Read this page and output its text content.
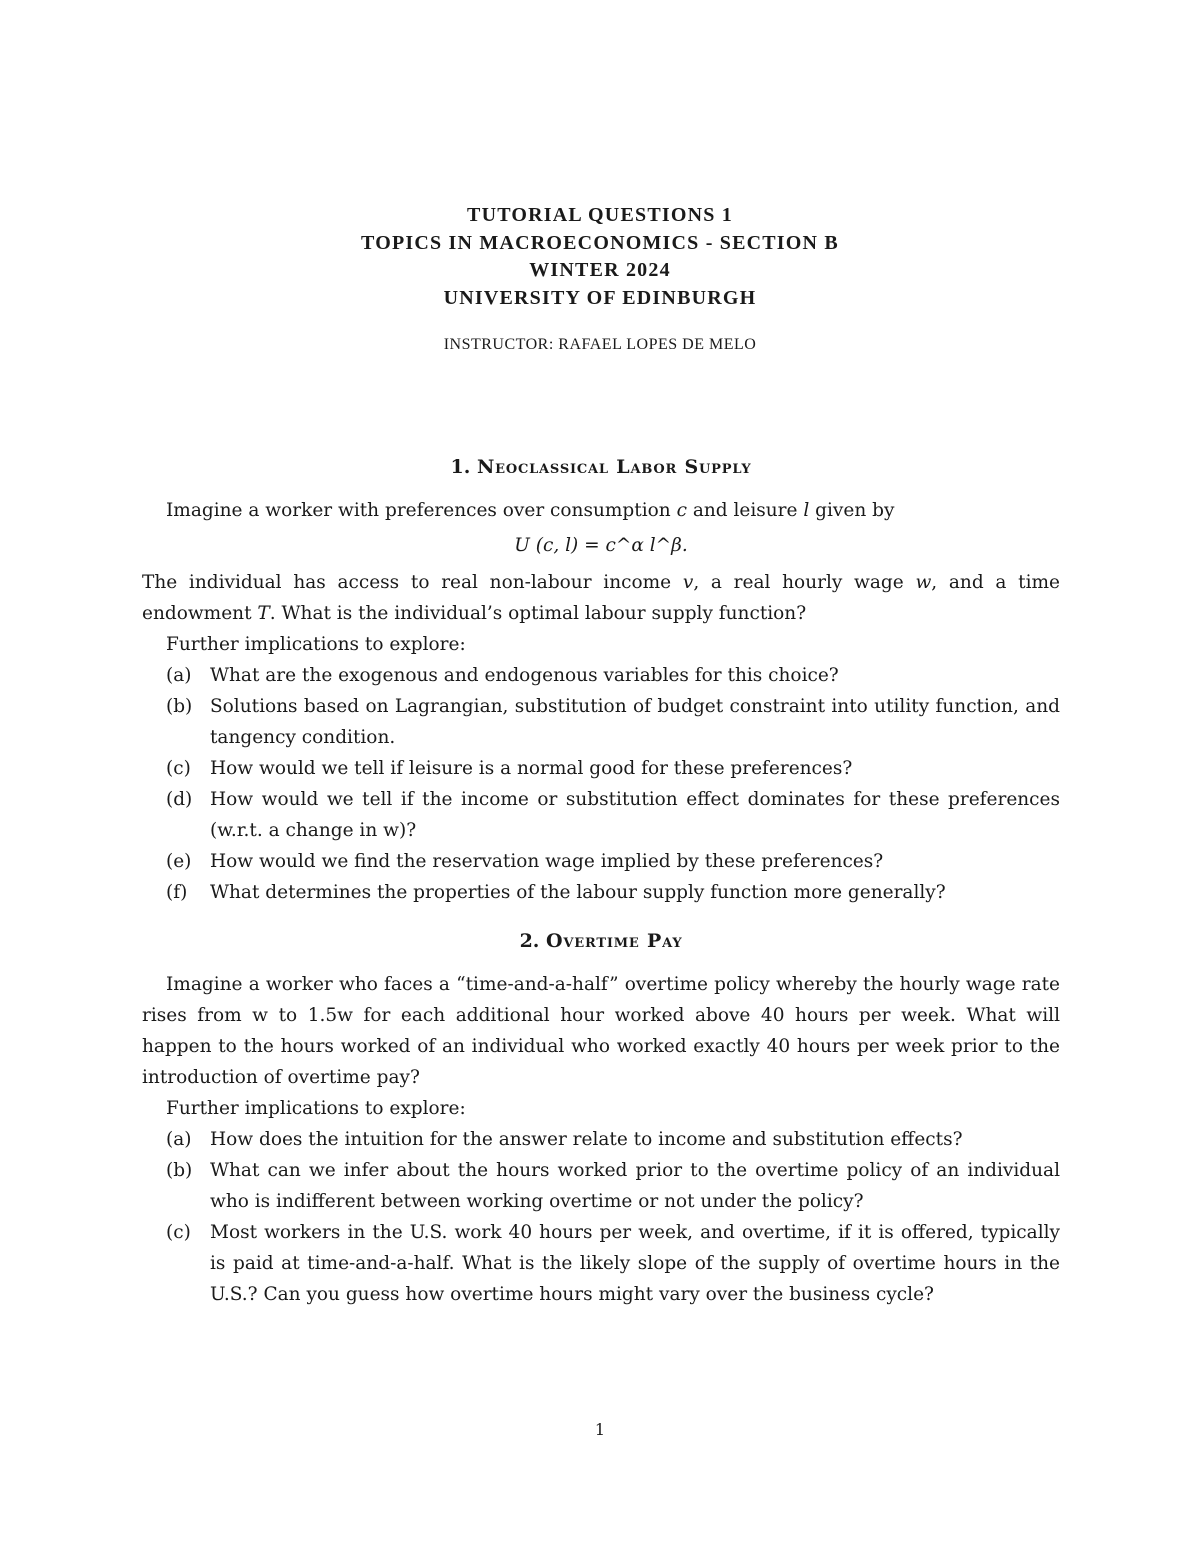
TUTORIAL QUESTIONS 1
TOPICS IN MACROECONOMICS - SECTION B
WINTER 2024
UNIVERSITY OF EDINBURGH
INSTRUCTOR: RAFAEL LOPES DE MELO
1. Neoclassical Labor Supply

Imagine a worker with preferences over consumption c and leisure l given by

U (c, l) = c^α l^β.

The individual has access to real non-labour income v, a real hourly wage w, and a time endowment T. What is the individual’s optimal labour supply function?

Further implications to explore:

(a)	What are the exogenous and endogenous variables for this choice?
(b) Solutions based on Lagrangian, substitution of budget constraint into utility function, and tangency condition.
(c)	How would we tell if leisure is a normal good for these preferences?
(d) How would we tell if the income or substitution effect dominates for these preferences (w.r.t. a change in w)?
(e)	How would we find the reservation wage implied by these preferences?
(f)	What determines the properties of the labour supply function more generally?
2. Overtime Pay

Imagine a worker who faces a “time-and-a-half” overtime policy whereby the hourly wage rate rises from w to 1.5w for each additional hour worked above 40 hours per week. What will happen to the hours worked of an individual who worked exactly 40 hours per week prior to the introduction of overtime pay?

Further implications to explore:

(a)	How does the intuition for the answer relate to income and substitution effects?
(b) What can we infer about the hours worked prior to the overtime policy of an individual who is indifferent between working overtime or not under the policy?
(c)	Most workers in the U.S. work 40 hours per week, and overtime, if it is offered, typically is paid at time-and-a-half. What is the likely slope of the supply of overtime hours in the U.S.? Can you guess how overtime hours might vary over the business cycle?
1
